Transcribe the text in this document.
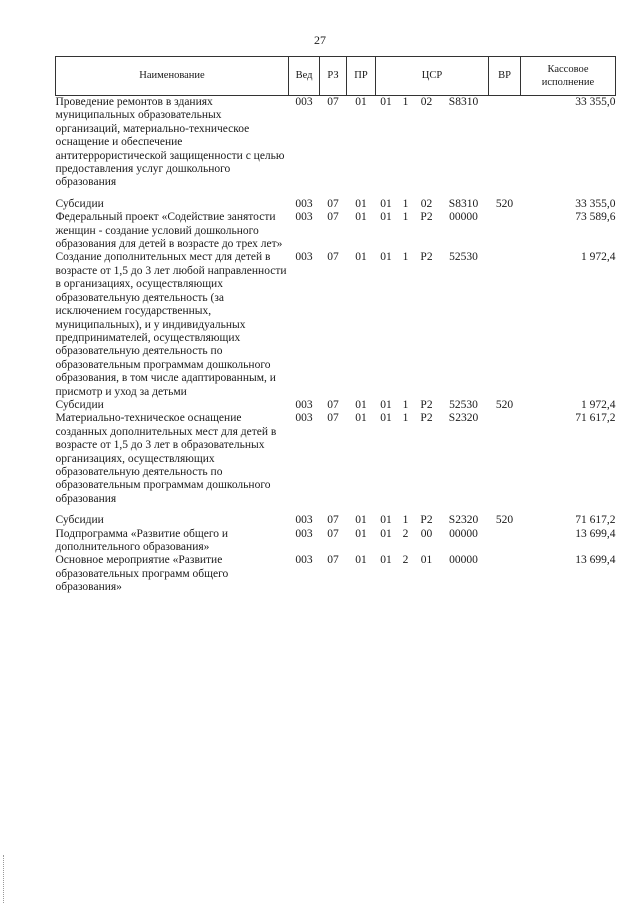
27
Наименование	Вед	РЗ	ПР	ЦСР				ВР	Кассовое исполнение
Проведение ремонтов в зданиях муниципальных образовательных организаций, материально-техническое оснащение и обеспечение антитеррористической защищенности с целью предоставления услуг дошкольного образования	003	07	01	01	1	02	S8310		33 355,0
Субсидии	003	07	01	01	1	02	S8310	520	33 355,0
Федеральный проект «Содействие занятости женщин - создание условий дошкольного образования для детей в возрасте до трех лет»	003	07	01	01	1	P2	00000		73 589,6
Создание дополнительных мест для детей в возрасте от 1,5 до 3 лет любой направленности в организациях, осуществляющих образовательную деятельность (за исключением государственных, муниципальных), и у индивидуальных предпринимателей, осуществляющих образовательную деятельность по образовательным программам дошкольного образования, в том числе адаптированным, и присмотр и уход за детьми	003	07	01	01	1	P2	52530		1 972,4
Субсидии	003	07	01	01	1	P2	52530	520	1 972,4
Материально-техническое оснащение созданных дополнительных мест для детей в возрасте от 1,5 до 3 лет в образовательных организациях, осуществляющих образовательную деятельность по образовательным программам дошкольного образования	003	07	01	01	1	P2	S2320		71 617,2
Субсидии	003	07	01	01	1	P2	S2320	520	71 617,2
Подпрограмма «Развитие общего и дополнительного образования»	003	07	01	01	2	00	00000		13 699,4
Основное мероприятие «Развитие образовательных программ общего образования»	003	07	01	01	2	01	00000		13 699,4
